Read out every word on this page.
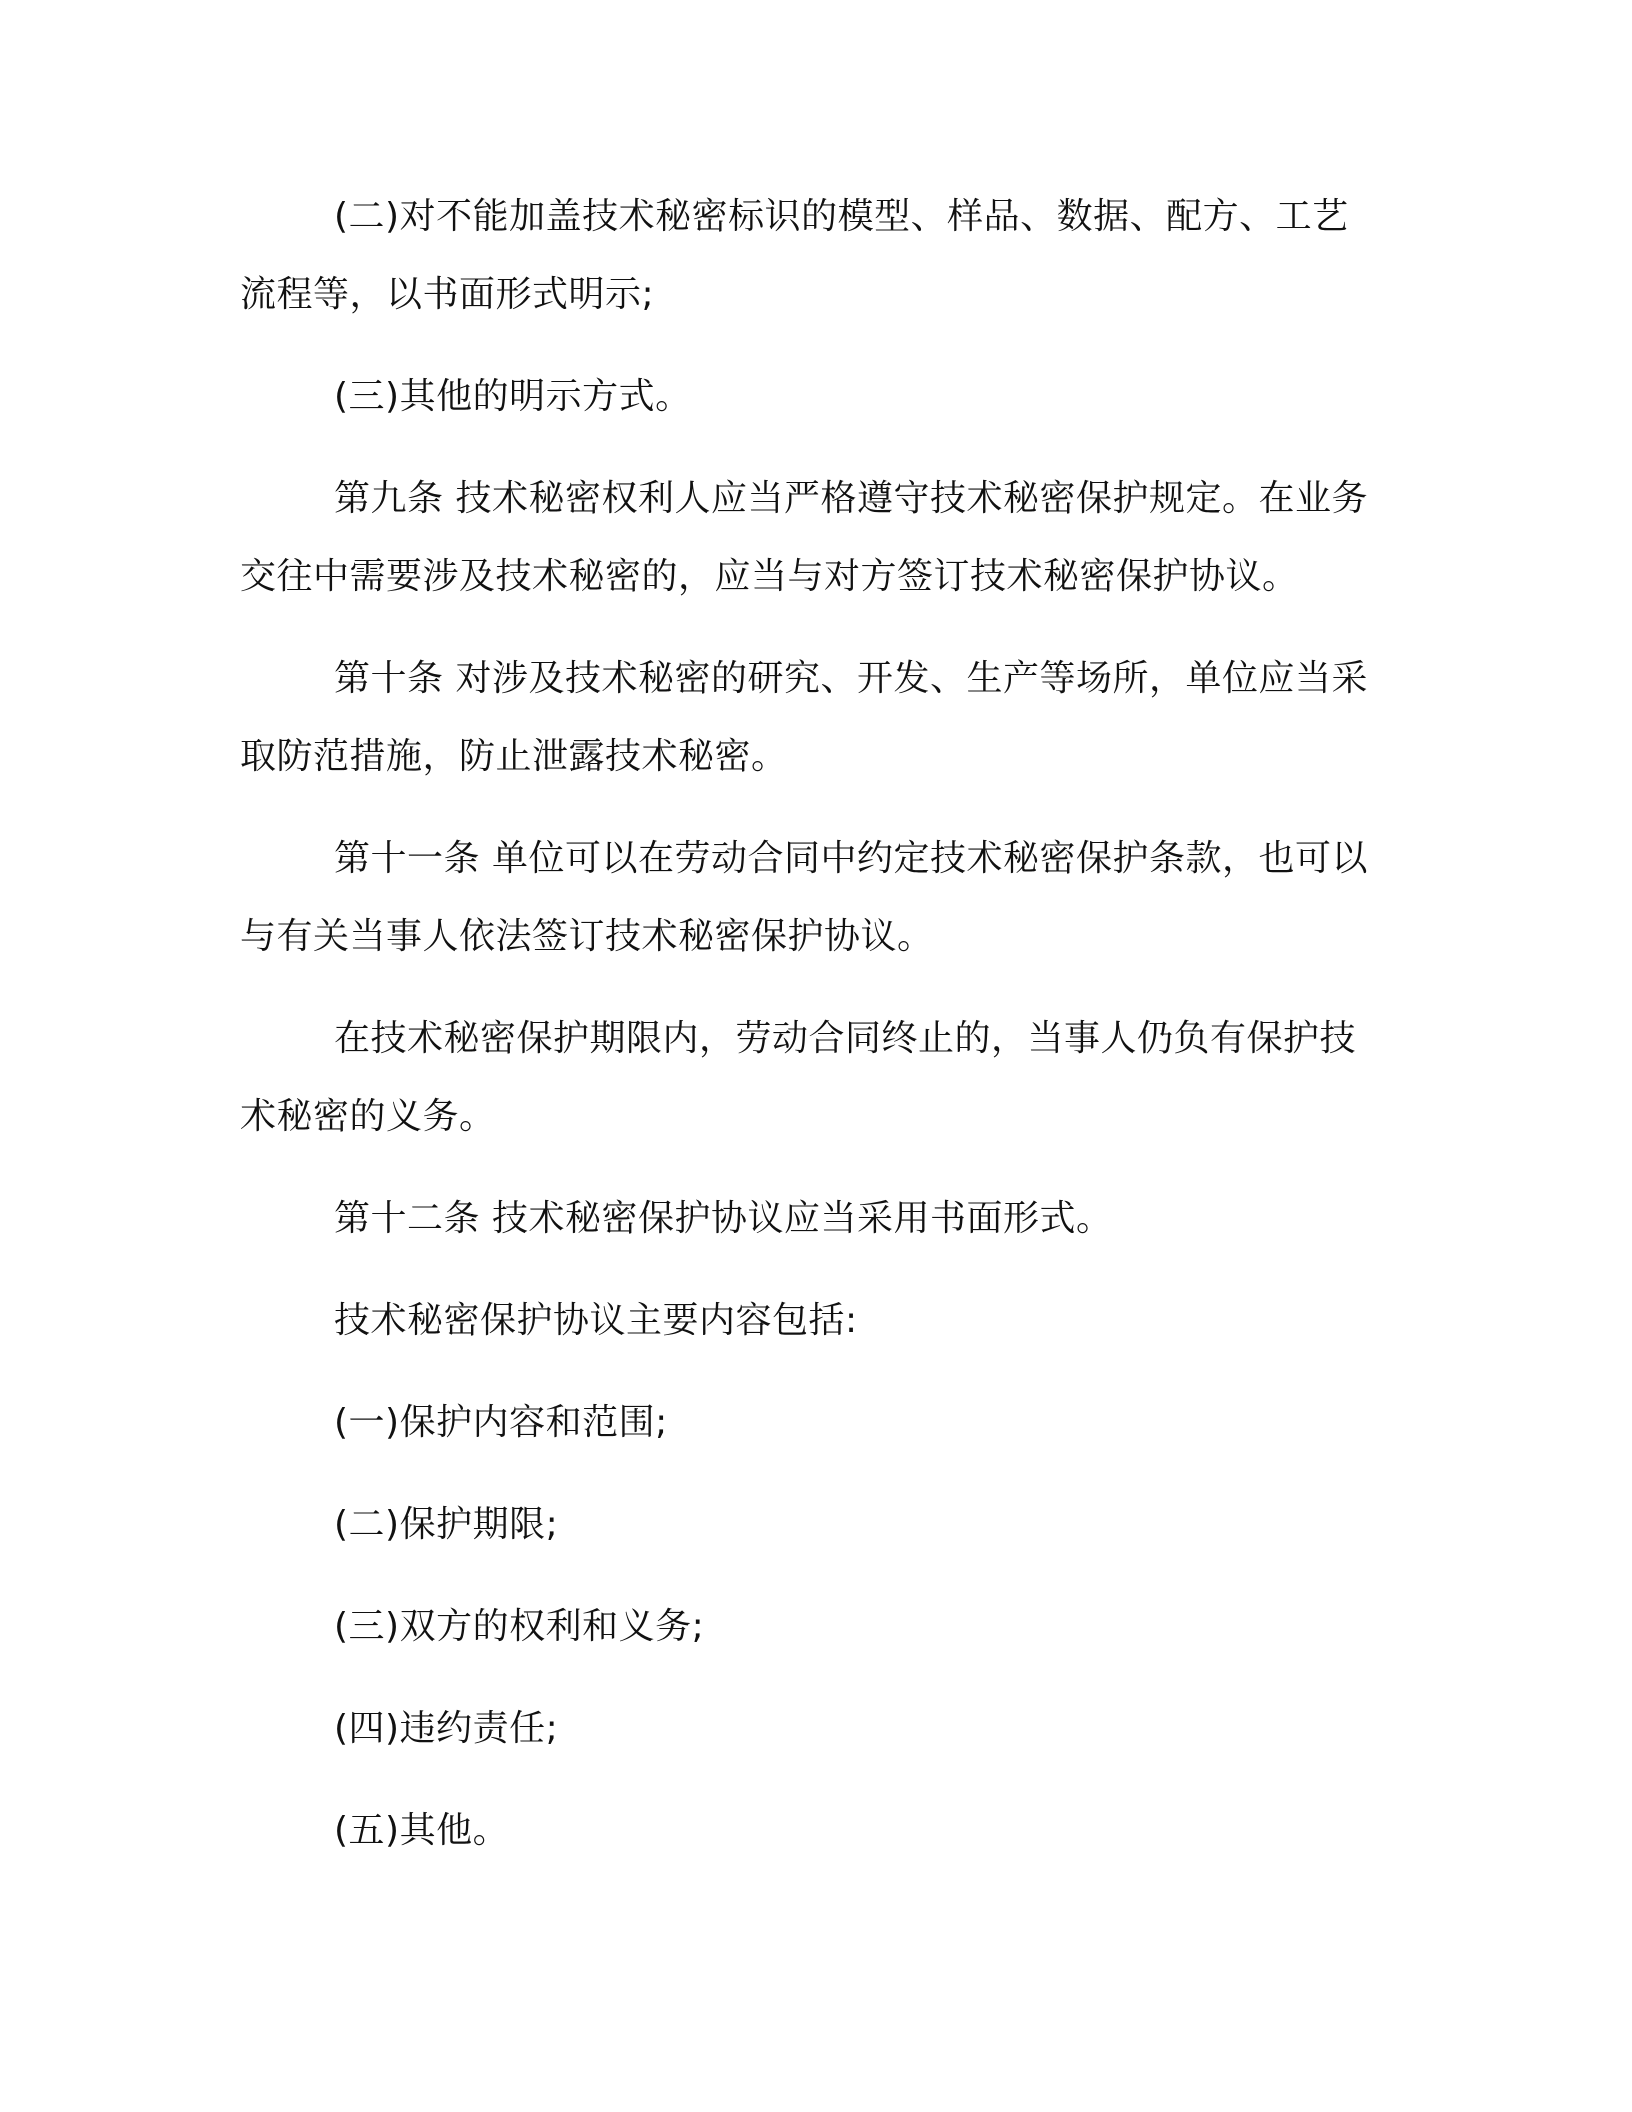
(二)对不能加盖技术秘密标识的模型、样品、数据、配方、工艺流程等，以书面形式明示;

(三)其他的明示方式。

第九条 技术秘密权利人应当严格遵守技术秘密保护规定。在业务交往中需要涉及技术秘密的，应当与对方签订技术秘密保护协议。

第十条 对涉及技术秘密的研究、开发、生产等场所，单位应当采取防范措施，防止泄露技术秘密。

第十一条 单位可以在劳动合同中约定技术秘密保护条款，也可以与有关当事人依法签订技术秘密保护协议。

在技术秘密保护期限内，劳动合同终止的，当事人仍负有保护技术秘密的义务。

第十二条 技术秘密保护协议应当采用书面形式。

技术秘密保护协议主要内容包括:

(一)保护内容和范围;

(二)保护期限;

(三)双方的权利和义务;

(四)违约责任;

(五)其他。
